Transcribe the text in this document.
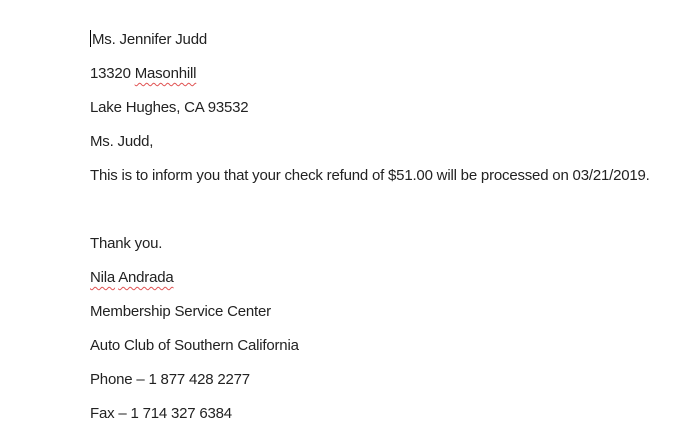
Ms. Jennifer Judd
13320 Masonhill
Lake Hughes, CA 93532
Ms. Judd,
This is to inform you that your check refund of $51.00 will be processed on 03/21/2019.
Thank you.
Nila Andrada
Membership Service Center
Auto Club of Southern California
Phone – 1 877 428 2277
Fax – 1 714 327 6384
